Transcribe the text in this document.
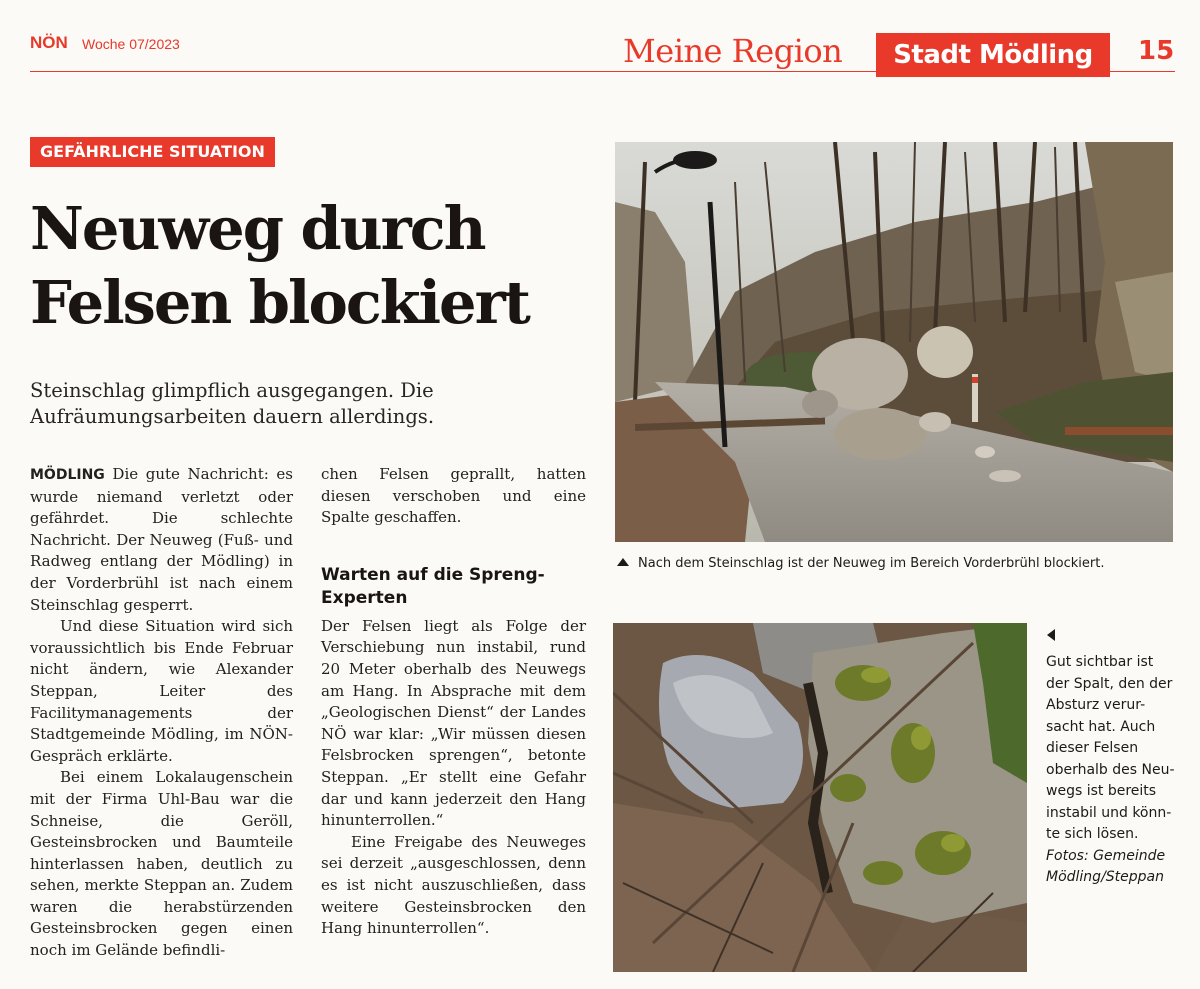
NÖN Woche 07/2023	Meine Region	Stadt Mödling	15
GEFÄHRLICHE SITUATION
Neuweg durch
Felsen blockiert
Steinschlag glimpflich ausgegangen. Die
Aufräumungsarbeiten dauern allerdings.

MÖDLING Die gute Nachricht: es wurde niemand verletzt oder gefährdet. Die schlechte Nachricht. Der Neuweg (Fuß- und Radweg entlang der Mödling) in der Vorderbrühl ist nach einem Steinschlag gesperrt.

Und diese Situation wird sich voraussichtlich bis Ende Februar nicht ändern, wie Alexander Steppan, Leiter des Facilitymanagements der Stadtgemeinde Mödling, im NÖN-Gespräch erklärte.

Bei einem Lokalaugenschein mit der Firma Uhl-Bau war die Schneise, die Geröll, Gesteinsbrocken und Baumteile hinterlassen haben, deutlich zu sehen, merkte Steppan an. Zudem waren die herabstürzenden Gesteinsbrocken gegen einen noch im Gelände befindli-

chen Felsen geprallt, hatten diesen verschoben und eine Spalte geschaffen.

Warten auf die Spreng-Experten

Der Felsen liegt als Folge der Verschiebung nun instabil, rund 20 Meter oberhalb des Neuwegs am Hang. In Absprache mit dem „Geologischen Dienst“ der Landes NÖ war klar: „Wir müssen diesen Felsbrocken sprengen“, betonte Steppan. „Er stellt eine Gefahr dar und kann jederzeit den Hang hinunterrollen.“

Eine Freigabe des Neuweges sei derzeit „ausgeschlossen, denn es ist nicht auszuschließen, dass weitere Gesteinsbrocken den Hang hinunterrollen“.

Nach dem Steinschlag ist der Neuweg im Bereich Vorderbrühl blockiert.
Gut sichtbar ist
der Spalt, den der
Absturz verur-
sacht hat. Auch
dieser Felsen
oberhalb des Neu-
wegs ist bereits
instabil und könn-
te sich lösen.
Fotos: Gemeinde
Mödling/Steppan
